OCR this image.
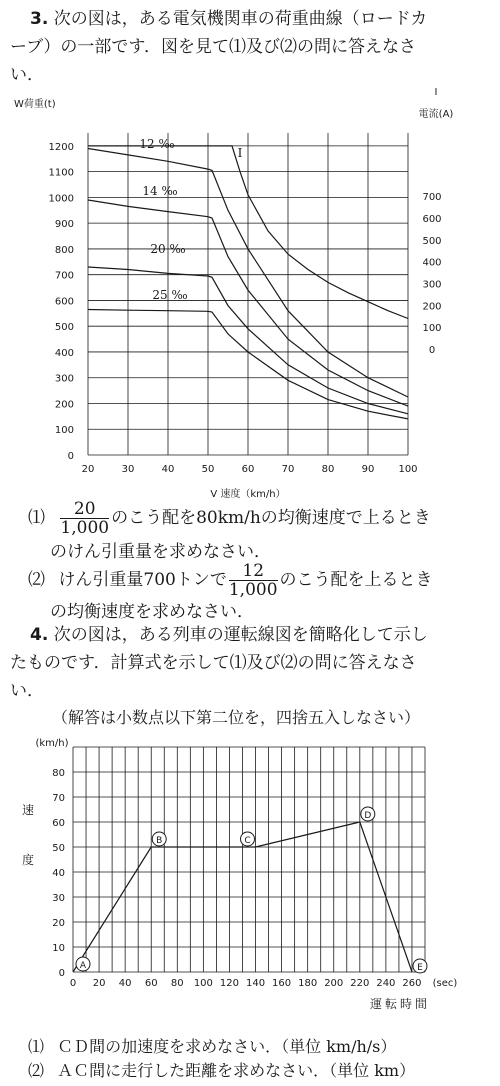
3. 次の図は，ある電気機関車の荷重曲線（ロードカ
ーブ）の一部です．図を見て⑴及び⑵の問に答えなさ
い．
20	30	40	50	60	70	80	90 100
0
100
200
300
400
500
600
700
800
900
1000
1100
1200
0
100
200
300
400
500
600
700
W荷重(t)
I
電流(A)
V 速度（km/h）
12 ‰
14 ‰
20 ‰
25 ‰
I
⑴ $\frac{20}{1,000}$ のこう配を80km/hの均衡速度で上るとき
のけん引重量を求めなさい．
⑵ けん引重量700トンで $\frac{12}{1,000}$ のこう配を上るとき
の均衡速度を求めなさい．
4. 次の図は，ある列車の運転線図を簡略化して示し
たものです．計算式を示して⑴及び⑵の問に答えなさ
い．
（解答は小数点以下第二位を，四捨五入しなさい）
0 20 40 60 80 100 120 140 160 180 200 220 240 260
0
10
20
30
40
50
60
70
80
(km/h)
(sec)
速
度
運転時間
A
B	C
D
E
⑴ ＣＤ間の加速度を求めなさい．（単位 km/h/s）
⑵ ＡＣ間に走行した距離を求めなさい．（単位 km）
